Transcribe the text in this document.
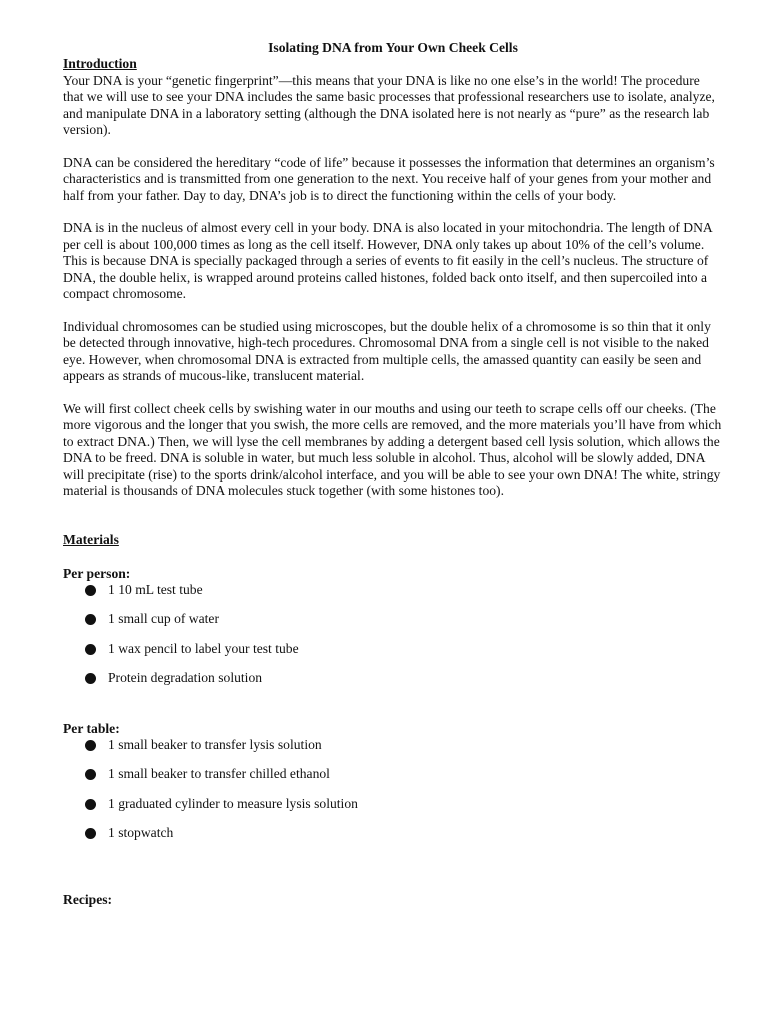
Isolating DNA from Your Own Cheek Cells
Introduction

Your DNA is your “genetic fingerprint”—this means that your DNA is like no one else’s in the world! The procedure that we will use to see your DNA includes the same basic processes that professional researchers use to isolate, analyze, and manipulate DNA in a laboratory setting (although the DNA isolated here is not nearly as “pure” as the research lab version).

DNA can be considered the hereditary “code of life” because it possesses the information that determines an organism’s characteristics and is transmitted from one generation to the next. You receive half of your genes from your mother and half from your father. Day to day, DNA’s job is to direct the functioning within the cells of your body.

DNA is in the nucleus of almost every cell in your body. DNA is also located in your mitochondria. The length of DNA per cell is about 100,000 times as long as the cell itself. However, DNA only takes up about 10% of the cell’s volume. This is because DNA is specially packaged through a series of events to fit easily in the cell’s nucleus. The structure of DNA, the double helix, is wrapped around proteins called histones, folded back onto itself, and then supercoiled into a compact chromosome.

Individual chromosomes can be studied using microscopes, but the double helix of a chromosome is so thin that it only be detected through innovative, high-tech procedures. Chromosomal DNA from a single cell is not visible to the naked eye. However, when chromosomal DNA is extracted from multiple cells, the amassed quantity can easily be seen and appears as strands of mucous-like, translucent material.

We will first collect cheek cells by swishing water in our mouths and using our teeth to scrape cells off our cheeks. (The more vigorous and the longer that you swish, the more cells are removed, and the more materials you’ll have from which to extract DNA.) Then, we will lyse the cell membranes by adding a detergent based cell lysis solution, which allows the DNA to be freed. DNA is soluble in water, but much less soluble in alcohol. Thus, alcohol will be slowly added, DNA will precipitate (rise) to the sports drink/alcohol interface, and you will be able to see your own DNA! The white, stringy material is thousands of DNA molecules stuck together (with some histones too).

Materials
Per person:
1 10 mL test tube
1 small cup of water
1 wax pencil to label your test tube
Protein degradation solution
Per table:
1 small beaker to transfer lysis solution
1 small beaker to transfer chilled ethanol
1 graduated cylinder to measure lysis solution
1 stopwatch
Recipes:
